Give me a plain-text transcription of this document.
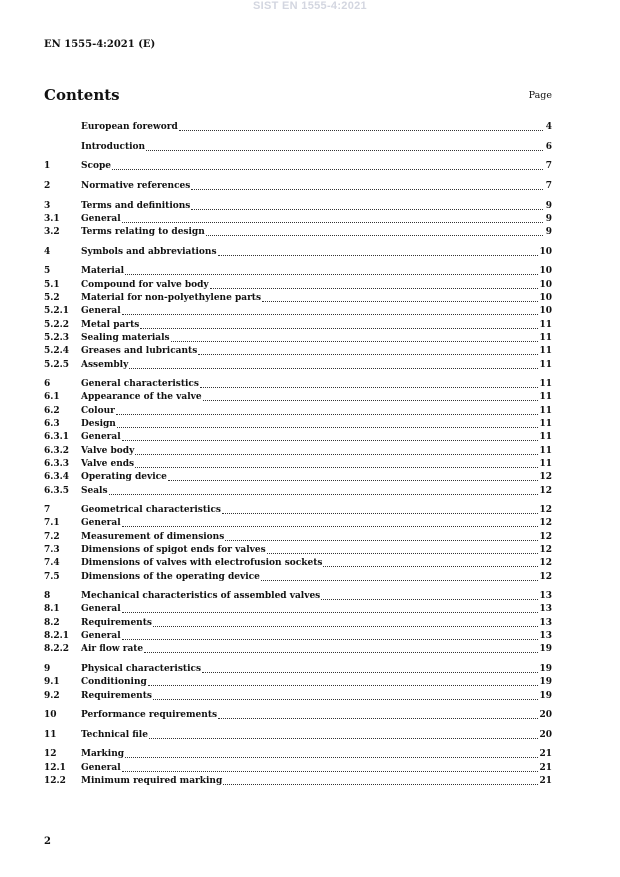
SIST EN 1555-4:2021
EN 1555-4:2021 (E)
Contents	Page
European foreword	4
Introduction	6
1	Scope	7
2	Normative references	7
3	Terms and definitions	9
3.1	General	9
3.2	Terms relating to design	9
4	Symbols and abbreviations	10
5	Material	10
5.1	Compound for valve body	10
5.2	Material for non-polyethylene parts	10
5.2.1	General	10
5.2.2	Metal parts	11
5.2.3	Sealing materials	11
5.2.4	Greases and lubricants	11
5.2.5	Assembly	11
6	General characteristics	11
6.1	Appearance of the valve	11
6.2	Colour	11
6.3	Design	11
6.3.1	General	11
6.3.2	Valve body	11
6.3.3	Valve ends	11
6.3.4	Operating device	12
6.3.5	Seals	12
7	Geometrical characteristics	12
7.1	General	12
7.2	Measurement of dimensions	12
7.3	Dimensions of spigot ends for valves	12
7.4	Dimensions of valves with electrofusion sockets	12
7.5	Dimensions of the operating device	12
8	Mechanical characteristics of assembled valves	13
8.1	General	13
8.2	Requirements	13
8.2.1	General	13
8.2.2	Air flow rate	19
9	Physical characteristics	19
9.1	Conditioning	19
9.2	Requirements	19
10	Performance requirements	20
11	Technical file	20
12	Marking	21
12.1	General	21
12.2	Minimum required marking	21
2
